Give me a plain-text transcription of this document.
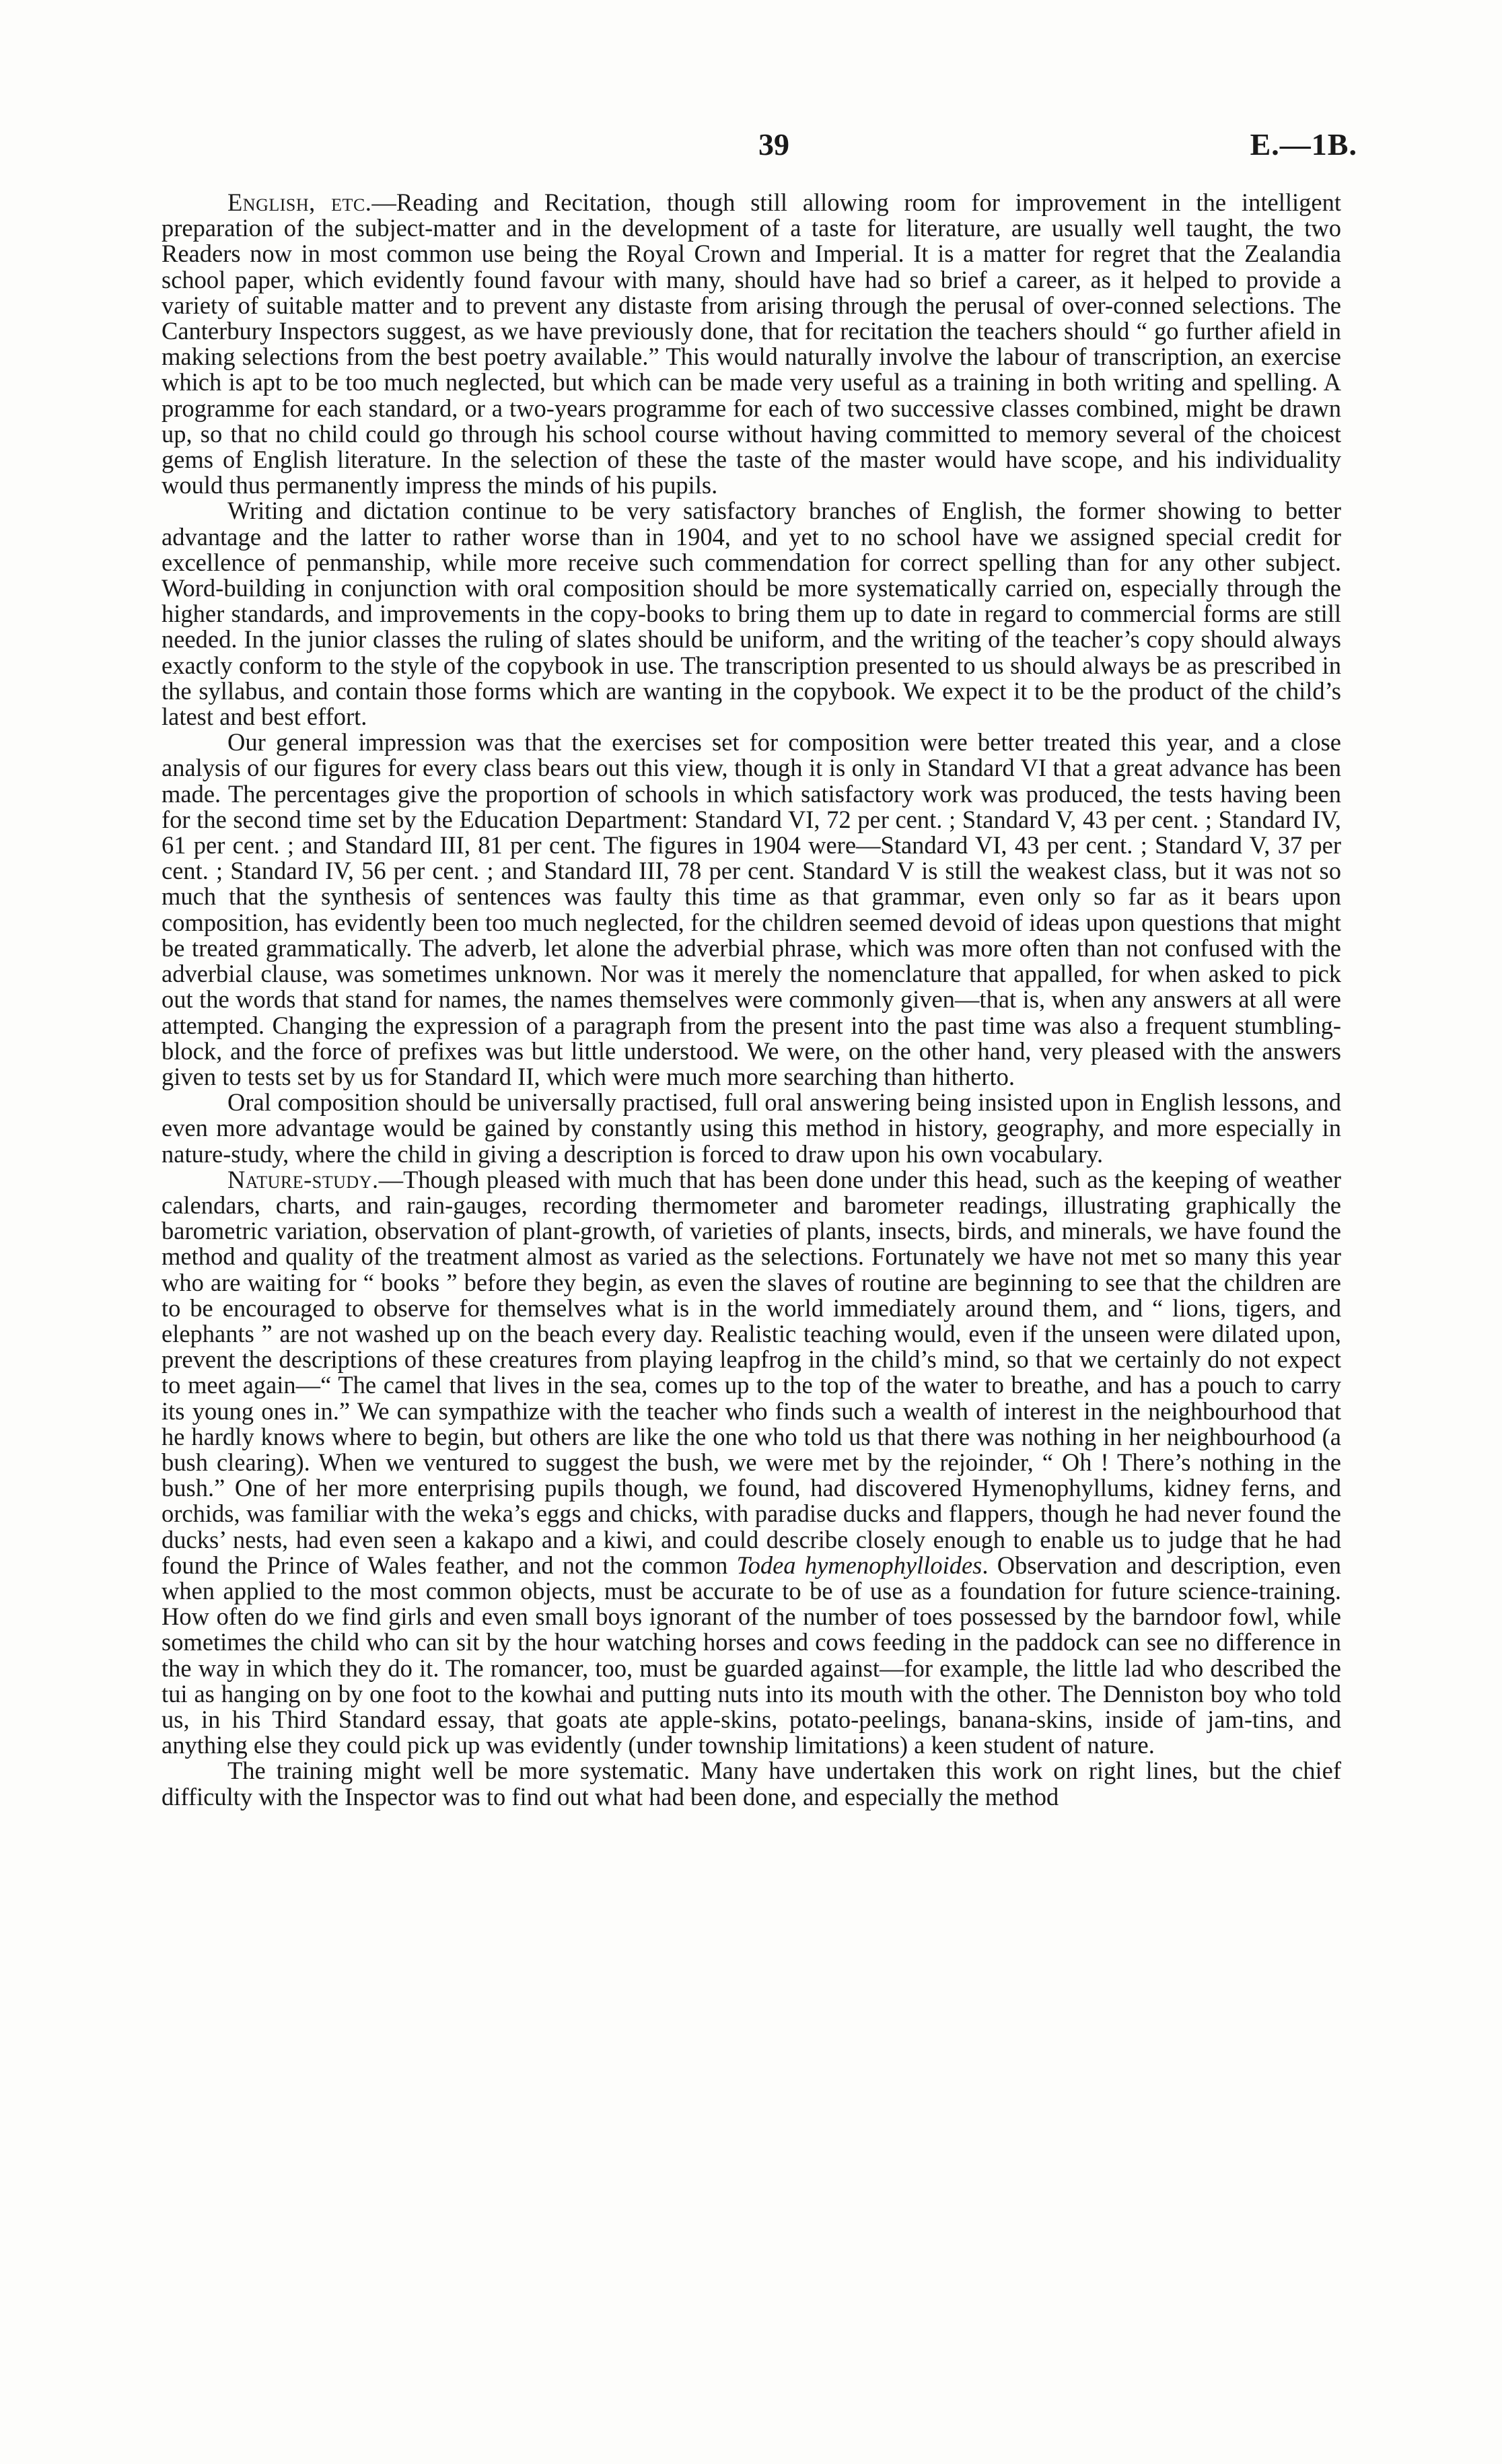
39	E.—1B.

English, etc.—Reading and Recitation, though still allowing room for improvement in the intelligent preparation of the subject-matter and in the development of a taste for literature, are usually well taught, the two Readers now in most common use being the Royal Crown and Imperial. It is a matter for regret that the Zealandia school paper, which evidently found favour with many, should have had so brief a career, as it helped to provide a variety of suitable matter and to prevent any distaste from arising through the perusal of over-conned selections. The Canterbury Inspectors suggest, as we have previously done, that for recitation the teachers should “ go further afield in making selections from the best poetry available.” This would naturally involve the labour of transcription, an exercise which is apt to be too much neglected, but which can be made very useful as a training in both writing and spelling. A programme for each standard, or a two-years programme for each of two successive classes combined, might be drawn up, so that no child could go through his school course without having committed to memory several of the choicest gems of English literature. In the selection of these the taste of the master would have scope, and his individuality would thus permanently impress the minds of his pupils.

Writing and dictation continue to be very satisfactory branches of English, the former showing to better advantage and the latter to rather worse than in 1904, and yet to no school have we assigned special credit for excellence of penmanship, while more receive such commendation for correct spelling than for any other subject. Word-building in conjunction with oral composition should be more systematically carried on, especially through the higher standards, and improvements in the copy-books to bring them up to date in regard to commercial forms are still needed. In the junior classes the ruling of slates should be uniform, and the writing of the teacher’s copy should always exactly conform to the style of the copybook in use. The transcription presented to us should always be as prescribed in the syllabus, and contain those forms which are wanting in the copybook. We expect it to be the product of the child’s latest and best effort.

Our general impression was that the exercises set for composition were better treated this year, and a close analysis of our figures for every class bears out this view, though it is only in Standard VI that a great advance has been made. The percentages give the proportion of schools in which satisfactory work was produced, the tests having been for the second time set by the Education Department: Standard VI, 72 per cent. ; Standard V, 43 per cent. ; Standard IV, 61 per cent. ; and Standard III, 81 per cent. The figures in 1904 were—Standard VI, 43 per cent. ; Standard V, 37 per cent. ; Standard IV, 56 per cent. ; and Standard III, 78 per cent. Standard V is still the weakest class, but it was not so much that the synthesis of sentences was faulty this time as that grammar, even only so far as it bears upon composition, has evidently been too much neglected, for the children seemed devoid of ideas upon questions that might be treated grammatically. The adverb, let alone the adverbial phrase, which was more often than not confused with the adverbial clause, was sometimes unknown. Nor was it merely the nomenclature that appalled, for when asked to pick out the words that stand for names, the names themselves were commonly given—that is, when any answers at all were attempted. Changing the expression of a paragraph from the present into the past time was also a frequent stumbling-block, and the force of prefixes was but little understood. We were, on the other hand, very pleased with the answers given to tests set by us for Standard II, which were much more searching than hitherto.

Oral composition should be universally practised, full oral answering being insisted upon in English lessons, and even more advantage would be gained by constantly using this method in history, geography, and more especially in nature-study, where the child in giving a description is forced to draw upon his own vocabulary.

Nature-study.—Though pleased with much that has been done under this head, such as the keeping of weather calendars, charts, and rain-gauges, recording thermometer and barometer readings, illustrating graphically the barometric variation, observation of plant-growth, of varieties of plants, insects, birds, and minerals, we have found the method and quality of the treatment almost as varied as the selections. Fortunately we have not met so many this year who are waiting for “ books ” before they begin, as even the slaves of routine are beginning to see that the children are to be encouraged to observe for themselves what is in the world immediately around them, and “ lions, tigers, and elephants ” are not washed up on the beach every day. Realistic teaching would, even if the unseen were dilated upon, prevent the descriptions of these creatures from playing leapfrog in the child’s mind, so that we certainly do not expect to meet again—“ The camel that lives in the sea, comes up to the top of the water to breathe, and has a pouch to carry its young ones in.” We can sympathize with the teacher who finds such a wealth of interest in the neighbourhood that he hardly knows where to begin, but others are like the one who told us that there was nothing in her neighbourhood (a bush clearing). When we ventured to suggest the bush, we were met by the rejoinder, “ Oh ! There’s nothing in the bush.” One of her more enterprising pupils though, we found, had discovered Hymenophyllums, kidney ferns, and orchids, was familiar with the weka’s eggs and chicks, with paradise ducks and flappers, though he had never found the ducks’ nests, had even seen a kakapo and a kiwi, and could describe closely enough to enable us to judge that he had found the Prince of Wales feather, and not the common Todea hymenophylloides. Observation and description, even when applied to the most common objects, must be accurate to be of use as a foundation for future science-training. How often do we find girls and even small boys ignorant of the number of toes possessed by the barndoor fowl, while sometimes the child who can sit by the hour watching horses and cows feeding in the paddock can see no difference in the way in which they do it. The romancer, too, must be guarded against—for example, the little lad who described the tui as hanging on by one foot to the kowhai and putting nuts into its mouth with the other. The Denniston boy who told us, in his Third Standard essay, that goats ate apple-skins, potato-peelings, banana-skins, inside of jam-tins, and anything else they could pick up was evidently (under township limitations) a keen student of nature.

The training might well be more systematic. Many have undertaken this work on right lines, but the chief difficulty with the Inspector was to find out what had been done, and especially the method
